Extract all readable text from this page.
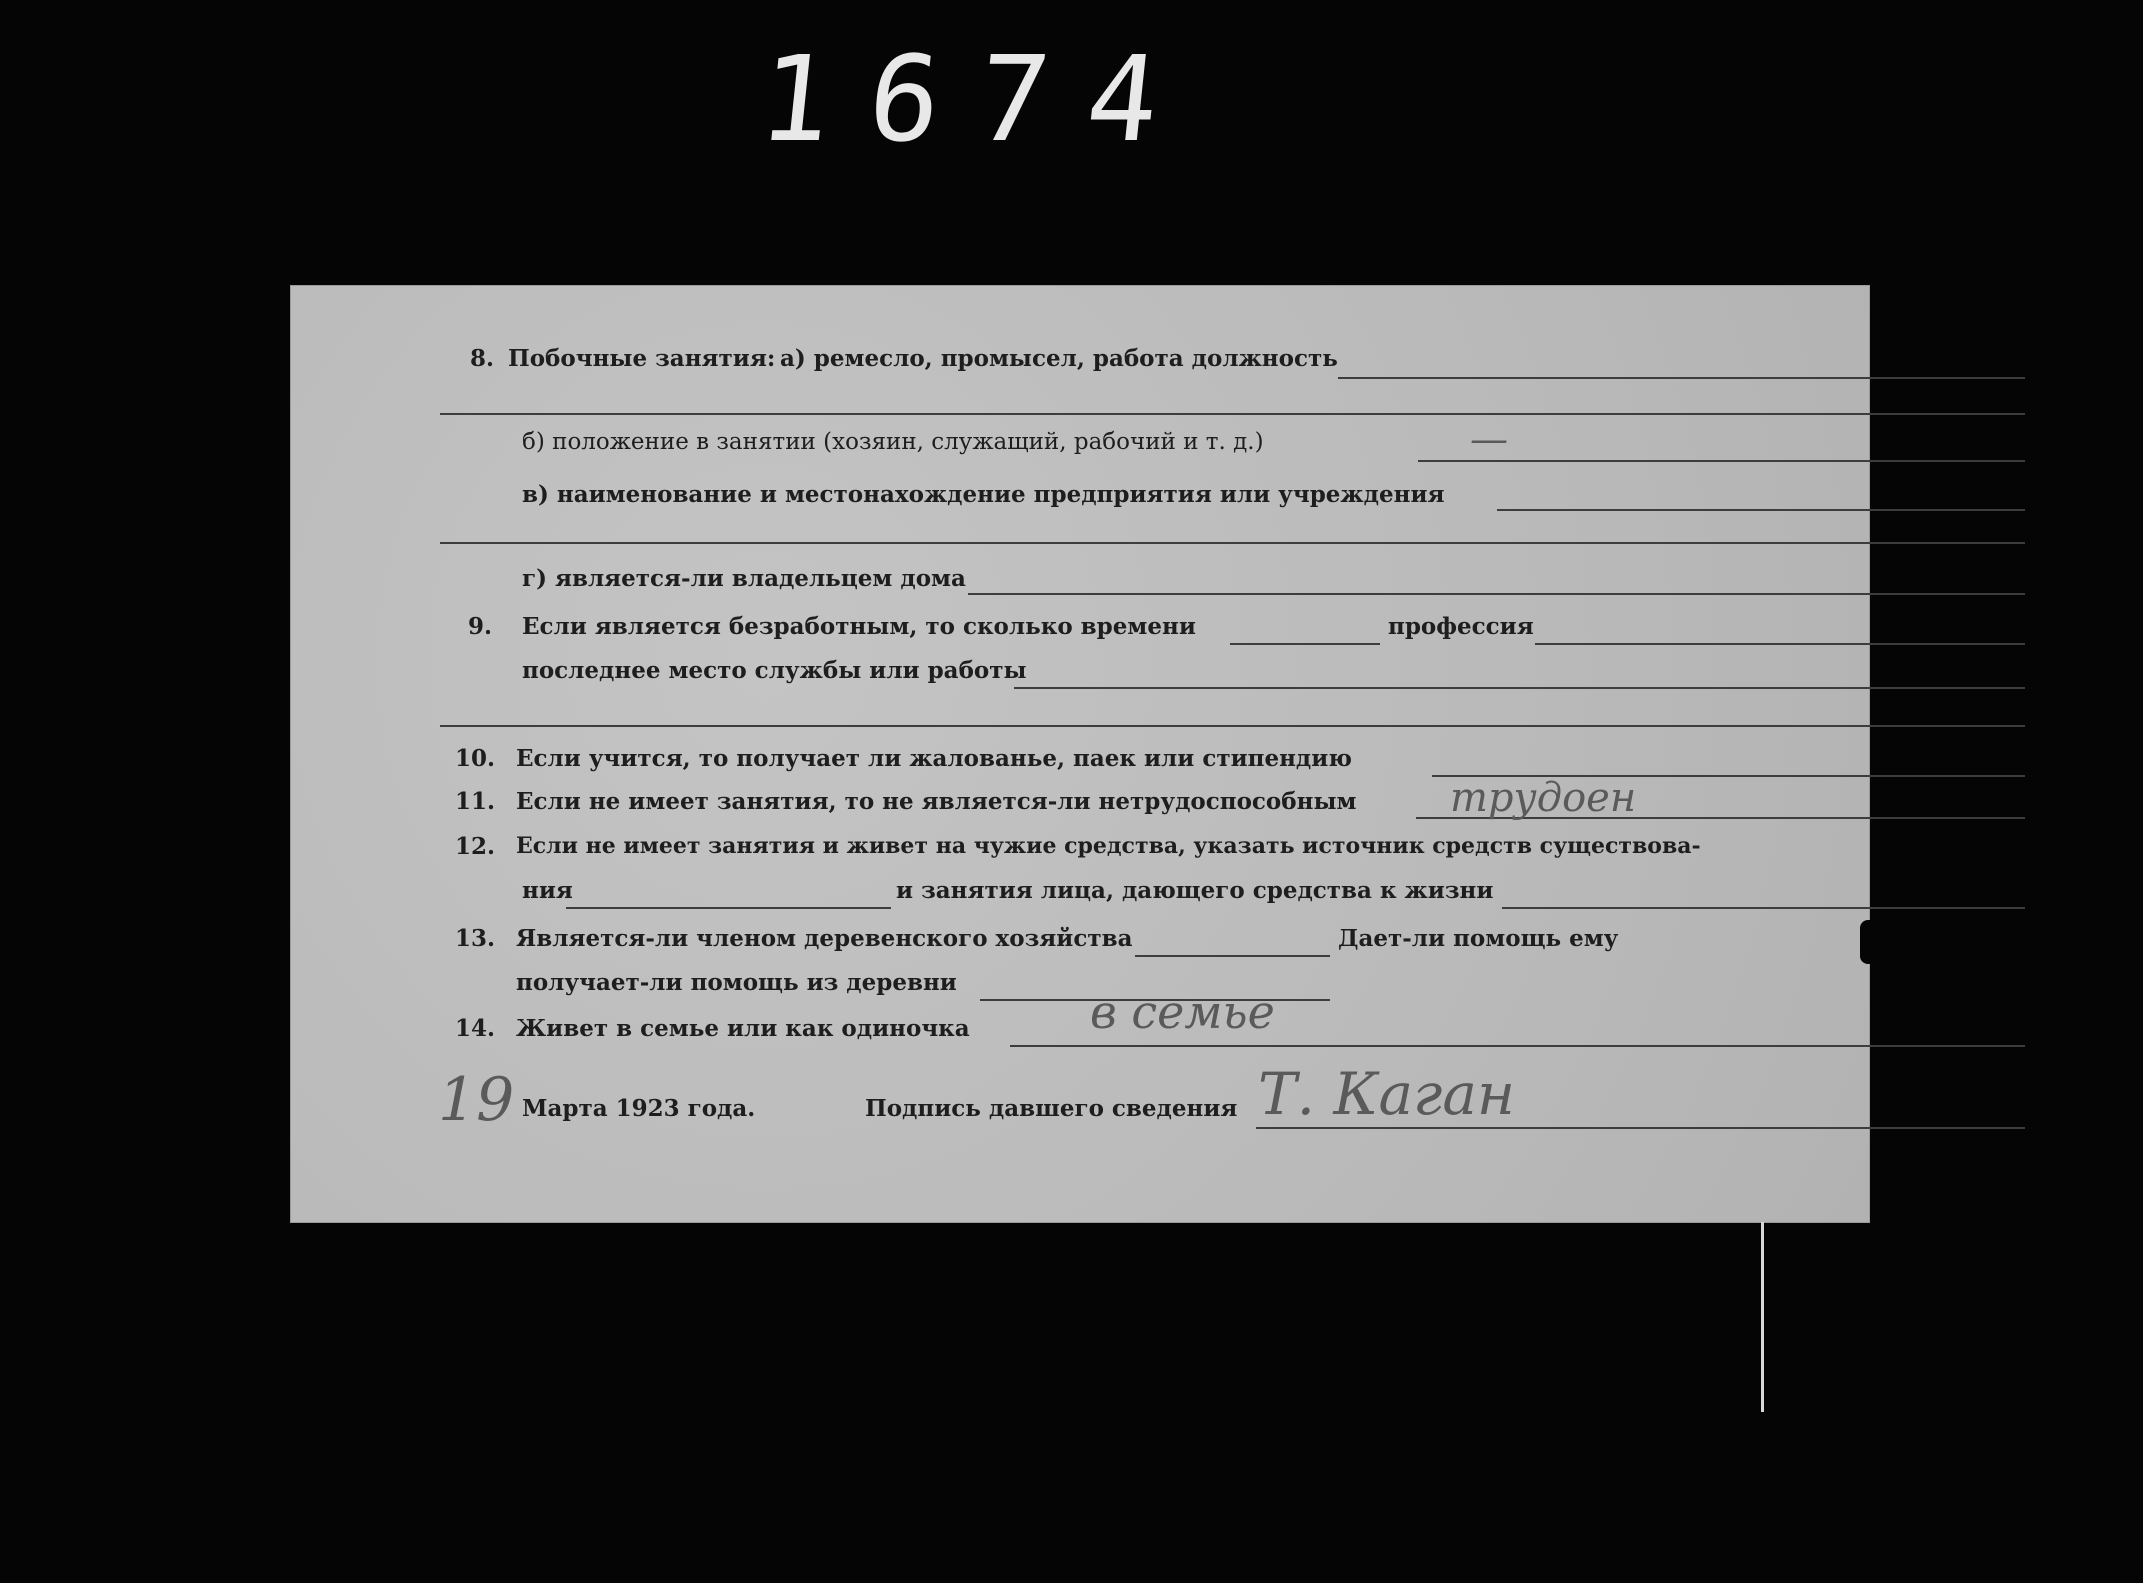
1674
8. Побочные занятия: а) ремесло, промысел, работа должность
б) положение в занятии (хозяин, служащий, рабочий и т. д.)	—
в) наименование и местонахождение предприятия или учреждения
г) является-ли владельцем дома
9. Если является безработным, то сколько времени	профессия
последнее место службы или работы
10. Если учится, то получает ли жалованье, паек или стипендию
11. Если не имеет занятия, то не является-ли нетрудоспособным трудоен
12. Если не имеет занятия и живет на чужие средства, указать источник средств существова-
ния	и занятия лица, дающего средства к жизни
13. Является-ли членом деревенского хозяйства	Дает-ли помощь ему
получает-ли помощь из деревни
14. Живет в семье или как одиночка	в семье
19 Марта 1923 года.	Подпись давшего сведения Т. Каган
